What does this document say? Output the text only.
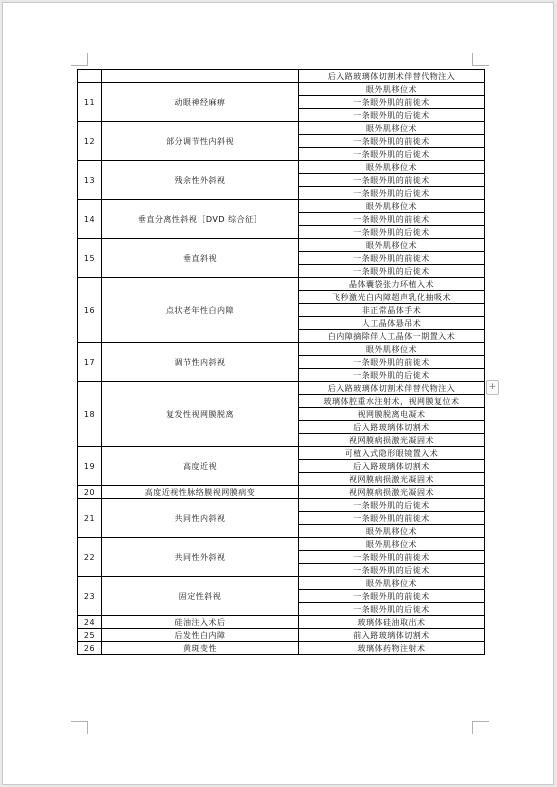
		后入路玻璃体切割术伴替代物注入
11	动眼神经麻痹	眼外肌移位术
		一条眼外肌的前徙术
		一条眼外肌的后徙术
12	部分调节性内斜视	眼外肌移位术
		一条眼外肌的前徙术
		一条眼外肌的后徙术
13	残余性外斜视	眼外肌移位术
		一条眼外肌的前徙术
		一条眼外肌的后徙术
14	垂直分离性斜视［DVD 综合征］	眼外肌移位术
		一条眼外肌的前徙术
		一条眼外肌的后徙术
15	垂直斜视	眼外肌移位术
		一条眼外肌的前徙术
		一条眼外肌的后徙术
16	点状老年性白内障	晶体囊袋张力环植入术
		飞秒激光白内障超声乳化抽吸术
		非正常晶体手术
		人工晶体悬吊术
		白内障摘除伴人工晶体一期置入术
17	调节性内斜视	眼外肌移位术
		一条眼外肌的前徙术
		一条眼外肌的后徙术
18	复发性视网膜脱离	后入路玻璃体切割术伴替代物注入
		玻璃体腔重水注射术，视网膜复位术
		视网膜脱离电凝术
		后入路玻璃体切割术
		视网膜病损激光凝固术
19	高度近视	可植入式隐形眼镜置入术
		后入路玻璃体切割术
		视网膜病损激光凝固术
20	高度近视性脉络膜视网膜病变	视网膜病损激光凝固术
21	共同性内斜视	一条眼外肌的后徙术
		一条眼外肌的前徙术
		眼外肌移位术
22	共同性外斜视	眼外肌移位术
		一条眼外肌的前徙术
		一条眼外肌的后徙术
23	固定性斜视	眼外肌移位术
		一条眼外肌的前徙术
		一条眼外肌的后徙术
24	硅油注入术后	玻璃体硅油取出术
25	后发性白内障	前入路玻璃体切割术
26	黄斑变性	玻璃体药物注射术
+
